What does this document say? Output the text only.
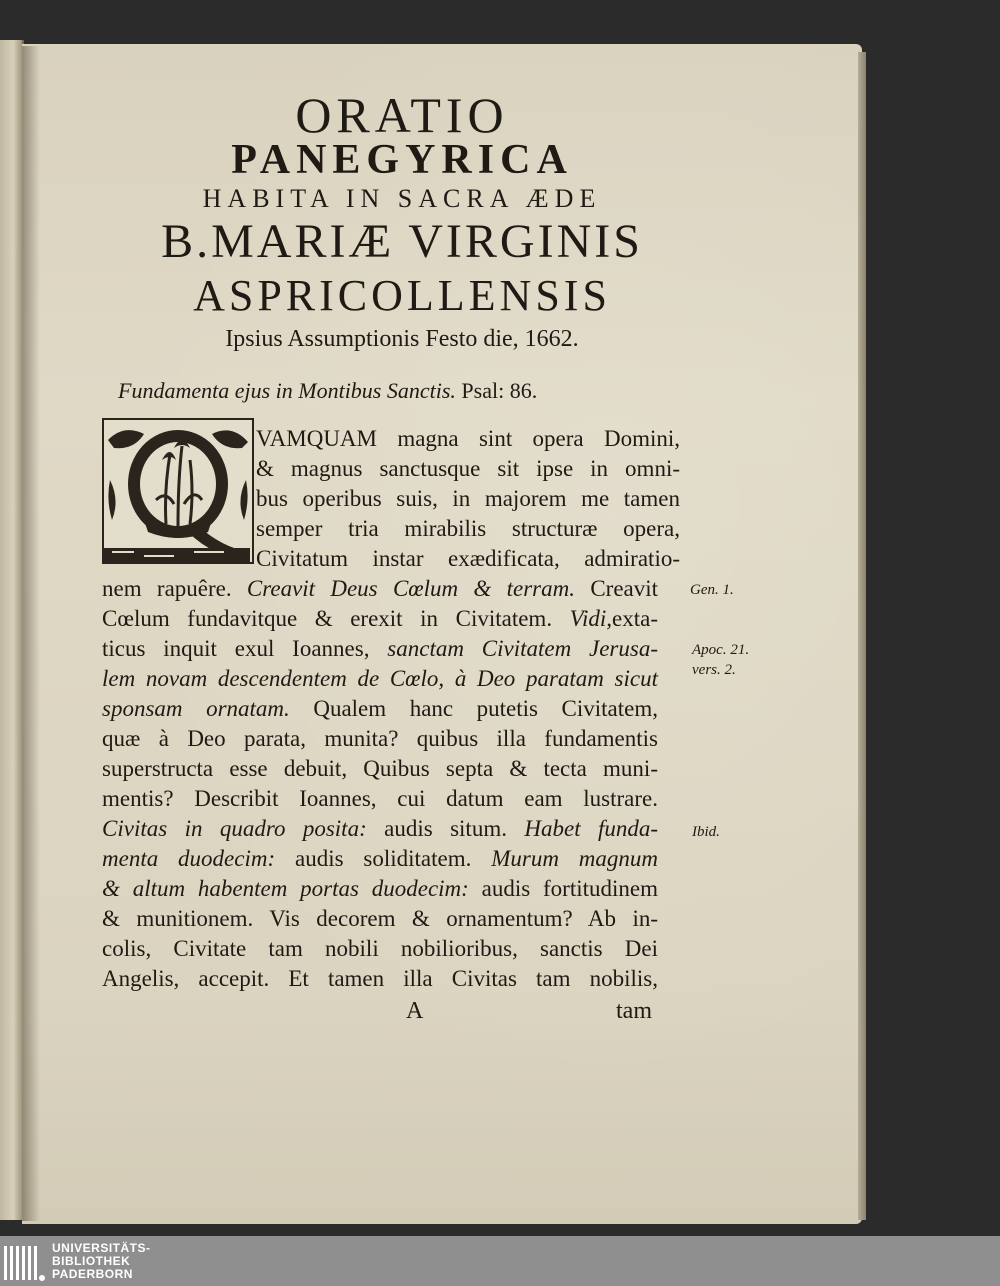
ORATIO
PANEGYRICA
HABITA IN SACRA ÆDE
B.MARIÆ VIRGINIS
ASPRICOLLENSIS
Ipsius Assumptionis Festo die, 1662.
Fundamenta ejus in Montibus Sanctis. Psal: 86.
VAMQUAM magna sint opera Domini,
& magnus sanctusque sit ipse in omni-
bus operibus suis, in majorem me tamen
semper tria mirabilis structuræ opera,
Civitatum instar exædificata, admiratio-
nem rapuêre. Creavit Deus Cœlum & terram. Creavit
Cœlum fundavitque & erexit in Civitatem. Vidi,exta-
ticus inquit exul Ioannes, sanctam Civitatem Jerusa-
lem novam descendentem de Cœlo, à Deo paratam sicut
sponsam ornatam. Qualem hanc putetis Civitatem,
quæ à Deo parata, munita? quibus illa fundamentis
superstructa esse debuit, Quibus septa & tecta muni-
mentis? Describit Ioannes, cui datum eam lustrare.
Civitas in quadro posita: audis situm. Habet funda-
menta duodecim: audis soliditatem. Murum magnum
& altum habentem portas duodecim: audis fortitudinem
& munitionem. Vis decorem & ornamentum? Ab in-
colis, Civitate tam nobili nobilioribus, sanctis Dei
Angelis, accepit. Et tamen illa Civitas tam nobilis,
Gen. 1.
Apoc. 21.
vers. 2.
Ibid.
A	tam
UNIVERSITÄTS-
BIBLIOTHEK
PADERBORN
